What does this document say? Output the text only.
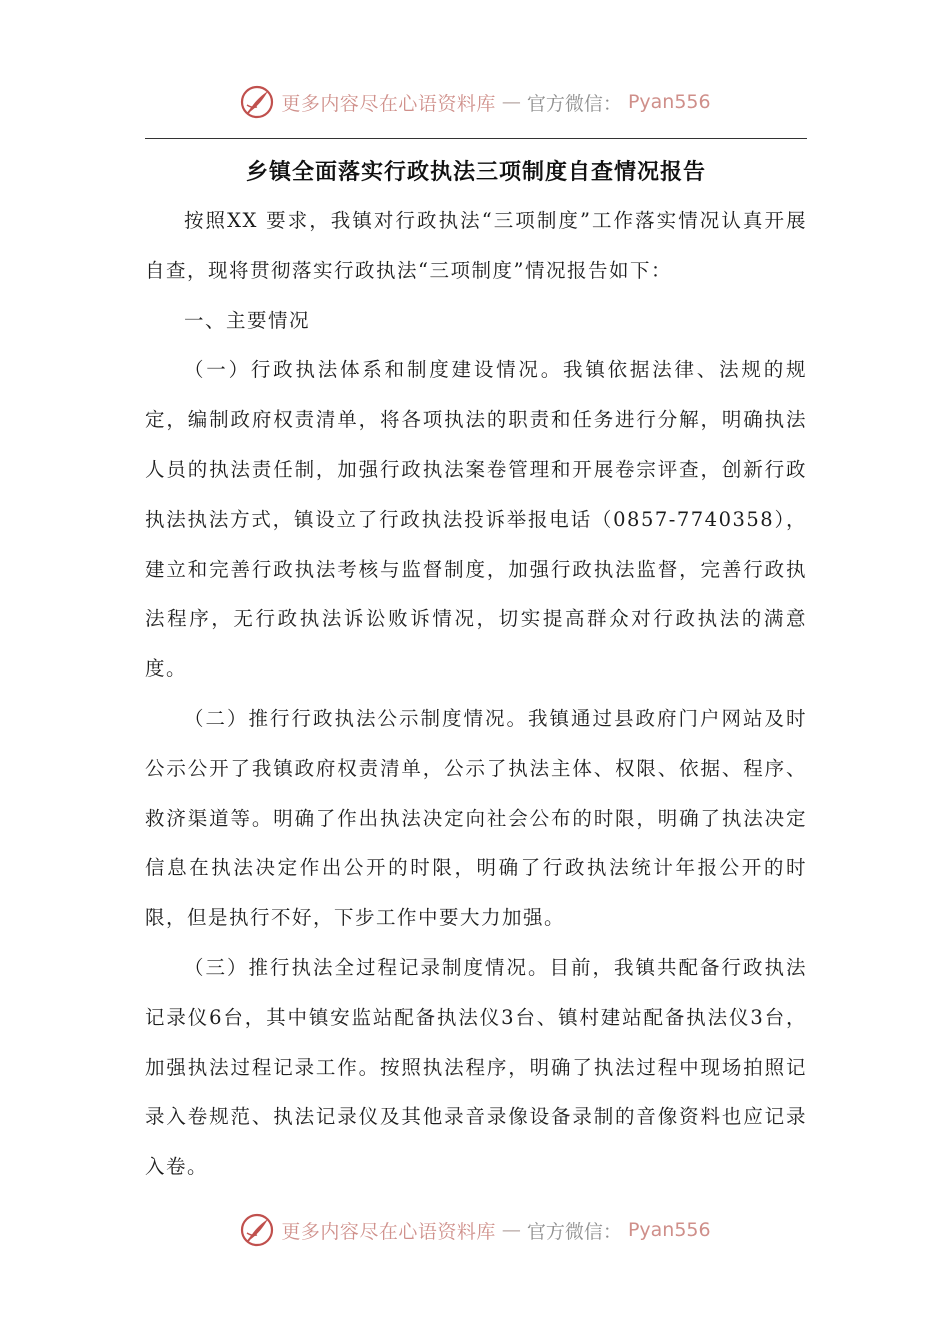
更多内容尽在心语资料库 — 官方微信： Pyan556
乡镇全面落实行政执法三项制度自查情况报告

按照XX 要求，我镇对行政执法“三项制度”工作落实情况认真开展自查，现将贯彻落实行政执法“三项制度”情况报告如下：

一、主要情况

（一）行政执法体系和制度建设情况。我镇依据法律、法规的规定，编制政府权责清单，将各项执法的职责和任务进行分解，明确执法人员的执法责任制，加强行政执法案卷管理和开展卷宗评查，创新行政执法执法方式，镇设立了行政执法投诉举报电话（0857-7740358），建立和完善行政执法考核与监督制度，加强行政执法监督，完善行政执法程序，无行政执法诉讼败诉情况，切实提高群众对行政执法的满意度。

（二）推行行政执法公示制度情况。我镇通过县政府门户网站及时公示公开了我镇政府权责清单，公示了执法主体、权限、依据、程序、救济渠道等。明确了作出执法决定向社会公布的时限，明确了执法决定信息在执法决定作出公开的时限，明确了行政执法统计年报公开的时限，但是执行不好，下步工作中要大力加强。

（三）推行执法全过程记录制度情况。目前，我镇共配备行政执法记录仪6台，其中镇安监站配备执法仪3台、镇村建站配备执法仪3台，加强执法过程记录工作。按照执法程序，明确了执法过程中现场拍照记录入卷规范、执法记录仪及其他录音录像设备录制的音像资料也应记录入卷。

更多内容尽在心语资料库 — 官方微信： Pyan556
